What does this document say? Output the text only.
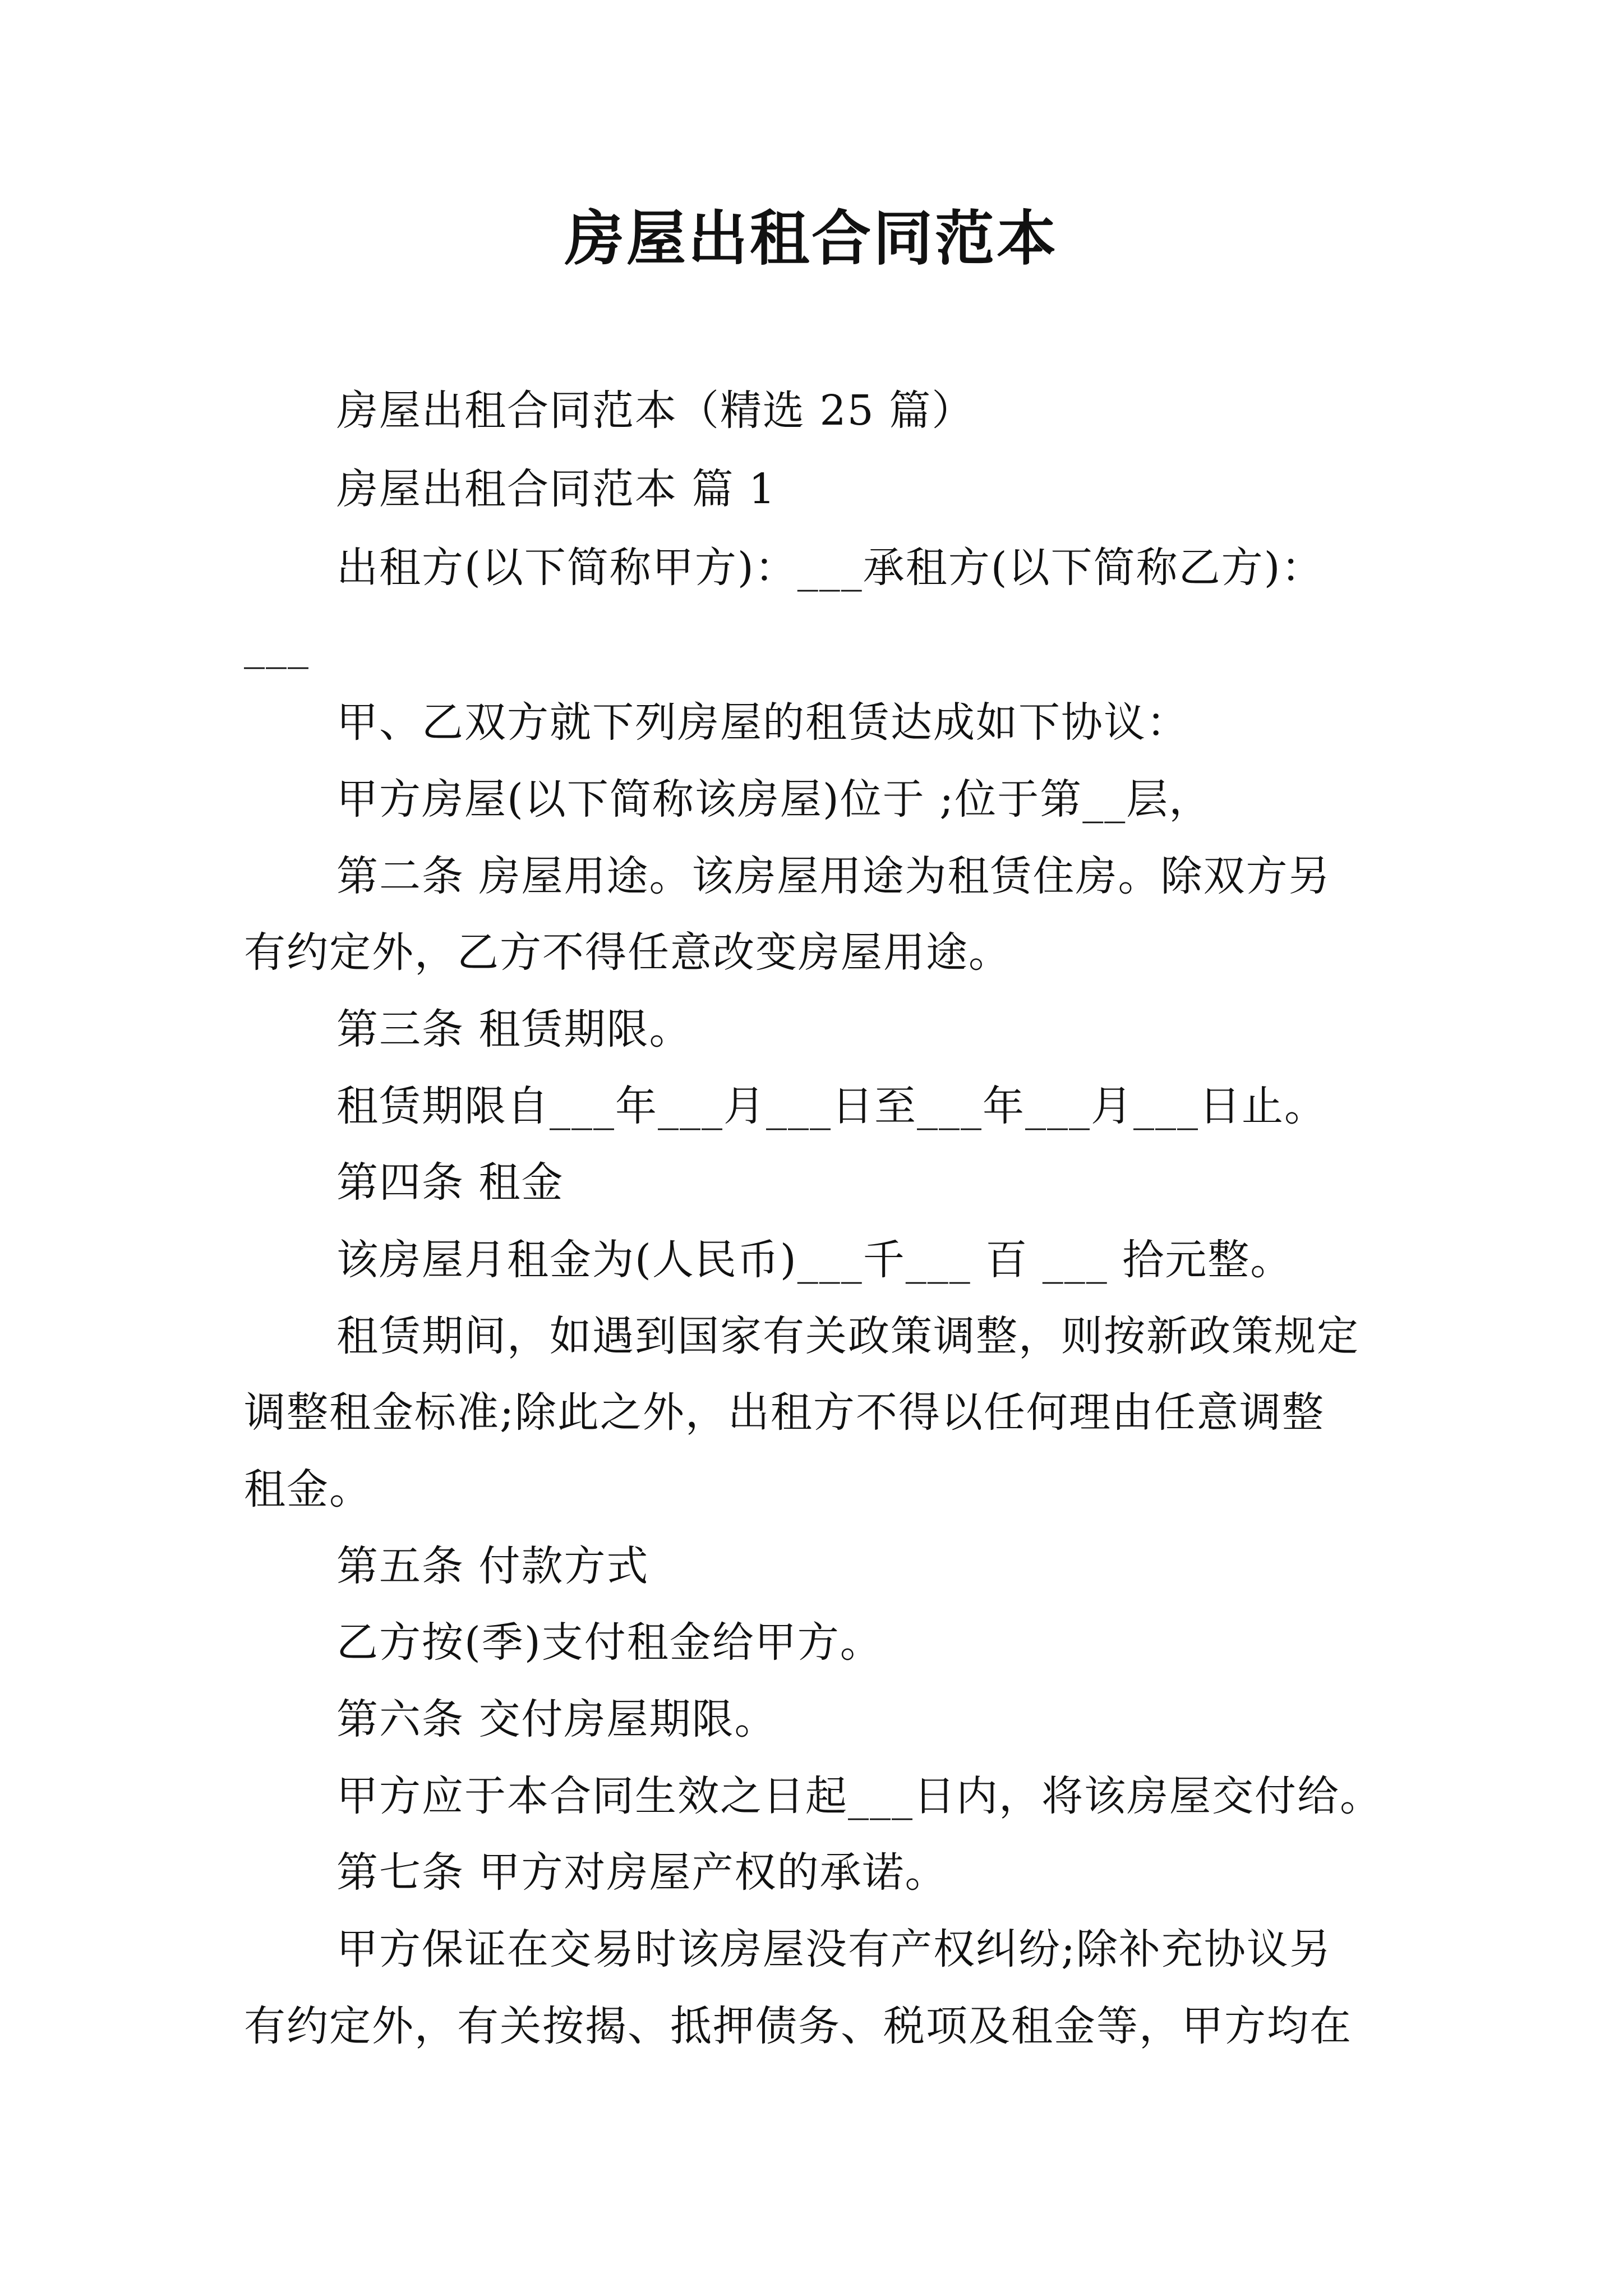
房屋出租合同范本
房屋出租合同范本（精选 25 篇）
房屋出租合同范本 篇 1
出租方(以下简称甲方)：___承租方(以下简称乙方)：
___
甲、乙双方就下列房屋的租赁达成如下协议：
甲方房屋(以下简称该房屋)位于 ;位于第__层，
第二条 房屋用途。该房屋用途为租赁住房。除双方另
有约定外，乙方不得任意改变房屋用途。
第三条 租赁期限。
租赁期限自___年___月___日至___年___月___日止。
第四条 租金
该房屋月租金为(人民币)___千___ 百 ___ 拾元整。
租赁期间，如遇到国家有关政策调整，则按新政策规定
调整租金标准;除此之外，出租方不得以任何理由任意调整
租金。
第五条 付款方式
乙方按(季)支付租金给甲方。
第六条 交付房屋期限。
甲方应于本合同生效之日起___日内，将该房屋交付给。
第七条 甲方对房屋产权的承诺。
甲方保证在交易时该房屋没有产权纠纷;除补充协议另
有约定外，有关按揭、抵押债务、税项及租金等，甲方均在
